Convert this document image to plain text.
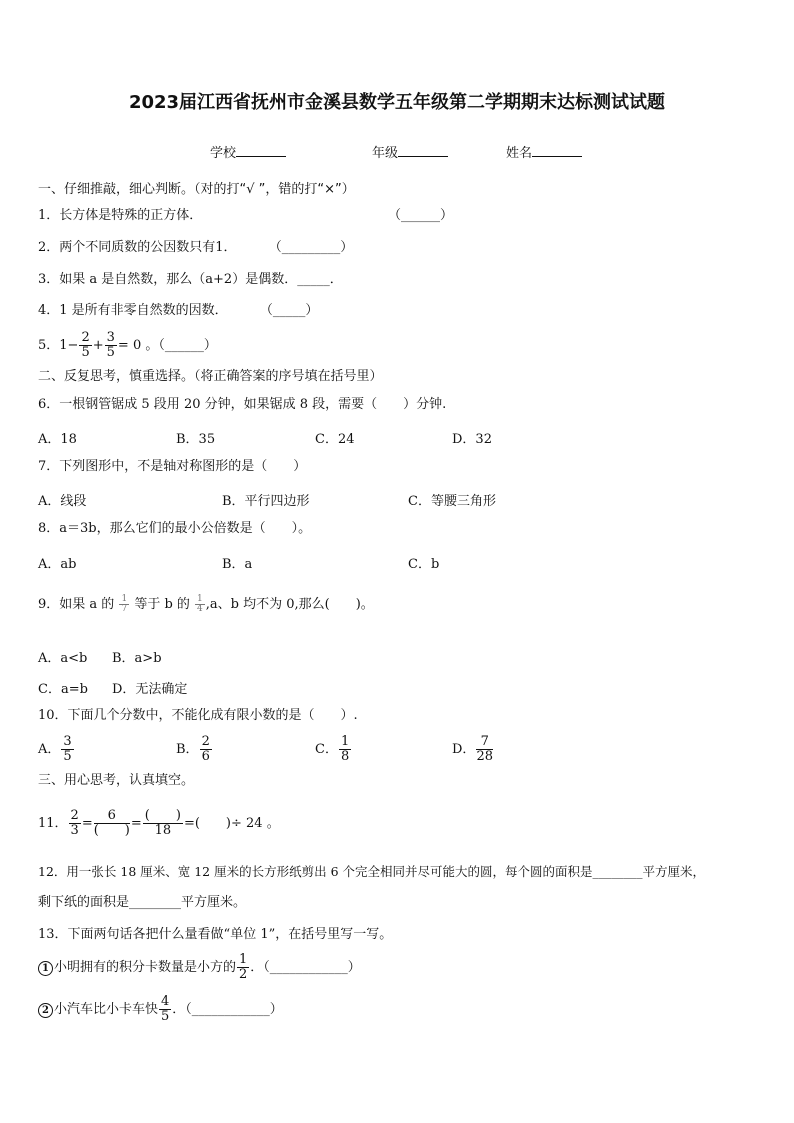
2023届江西省抚州市金溪县数学五年级第二学期期末达标测试试题
学校	年级	姓名
一、仔细推敲，细心判断。（对的打“√ ”，错的打“×”）
1．长方体是特殊的正方体．	（______）
2．两个不同质数的公因数只有1． （_________）
3．如果 a 是自然数，那么（a+2）是偶数．_____．
4．1 是所有非零自然数的因数． （_____）
5．$1- \frac{2}{5} + \frac{3}{5} = 0$ 。（______）
二、反复思考，慎重选择。（将正确答案的序号填在括号里）
6．一根钢管锯成 5 段用 20 分钟，如果锯成 8 段，需要（　　）分钟.
A．18	B．35	C．24	D．32
7．下列图形中，不是轴对称图形的是（　　）
A．线段	B．平行四边形	C．等腰三角形
8．a＝3b，那么它们的最小公倍数是（　　）。
A．ab	B．a	C．b
9．如果 a 的 $\frac{1}{7}$ 等于 b 的 $\frac{1}{4} ,a$、b 均不为 0,那么(　　)。
A．a<b B．a>b
C．a=b D．无法确定
10．下面几个分数中，不能化成有限小数的是（　　）.
A． $\frac{3}{5}$	B． $\frac{2}{6}$	C． $\frac{1}{8}$	D． $\frac{7}{28}$
三、用心思考，认真填空。
11． $\frac{2}{3} = \frac{6}{( )} = \frac{( )}{18}$ =(　　)÷ 24 。
12．用一张长 18 厘米、宽 12 厘米的长方形纸剪出 6 个完全相同并尽可能大的圆，每个圆的面积是________平方厘米，
剩下纸的面积是________平方厘米。
13．下面两句话各把什么量看做“单位 1”，在括号里写一写。
1 小明拥有的积分卡数量是小方的 $\frac{1}{2}$ ．（____________）
2 小汽车比小卡车快 $\frac{4}{5}$ ．（____________）
